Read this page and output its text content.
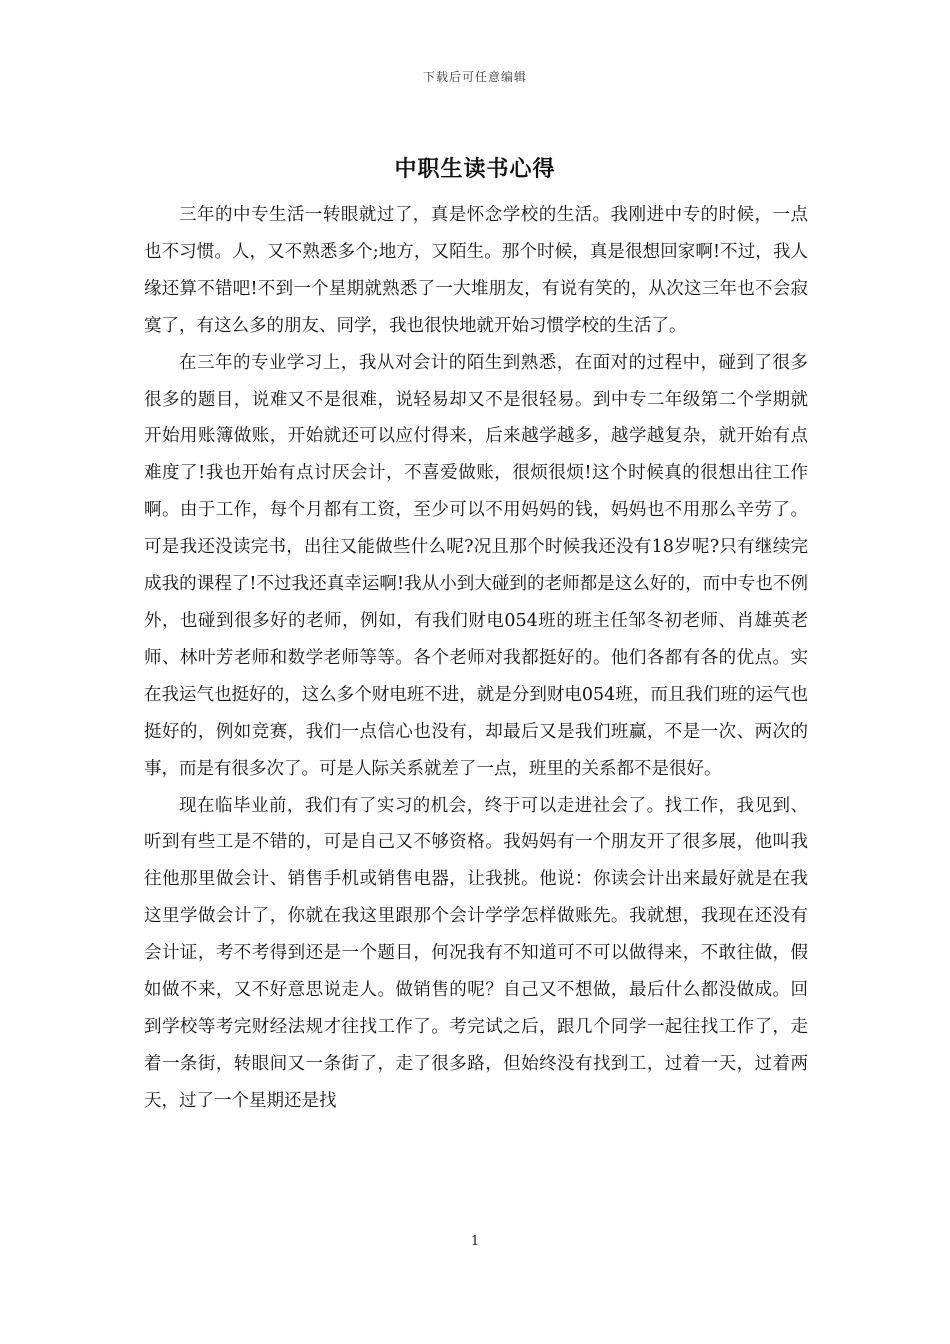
下载后可任意编辑
中职生读书心得

三年的中专生活一转眼就过了，真是怀念学校的生活。我刚进中专的时候，一点也不习惯。人，又不熟悉多个;地方，又陌生。那个时候，真是很想回家啊!不过，我人缘还算不错吧!不到一个星期就熟悉了一大堆朋友，有说有笑的，从次这三年也不会寂寞了，有这么多的朋友、同学，我也很快地就开始习惯学校的生活了。

在三年的专业学习上，我从对会计的陌生到熟悉，在面对的过程中，碰到了很多很多的题目，说难又不是很难，说轻易却又不是很轻易。到中专二年级第二个学期就开始用账簿做账，开始就还可以应付得来，后来越学越多，越学越复杂，就开始有点难度了!我也开始有点讨厌会计，不喜爱做账，很烦很烦!这个时候真的很想出往工作啊。由于工作，每个月都有工资，至少可以不用妈妈的钱，妈妈也不用那么辛劳了。可是我还没读完书，出往又能做些什么呢?况且那个时候我还没有18岁呢?只有继续完成我的课程了!不过我还真幸运啊!我从小到大碰到的老师都是这么好的，而中专也不例外，也碰到很多好的老师，例如，有我们财电054班的班主任邹冬初老师、肖雄英老师、林叶芳老师和数学老师等等。各个老师对我都挺好的。他们各都有各的优点。实在我运气也挺好的，这么多个财电班不进，就是分到财电054班，而且我们班的运气也挺好的，例如竞赛，我们一点信心也没有，却最后又是我们班赢，不是一次、两次的事，而是有很多次了。可是人际关系就差了一点，班里的关系都不是很好。

现在临毕业前，我们有了实习的机会，终于可以走进社会了。找工作，我见到、听到有些工是不错的，可是自己又不够资格。我妈妈有一个朋友开了很多展，他叫我往他那里做会计、销售手机或销售电器，让我挑。他说：你读会计出来最好就是在我这里学做会计了，你就在我这里跟那个会计学学怎样做账先。我就想，我现在还没有会计证，考不考得到还是一个题目，何况我有不知道可不可以做得来，不敢往做，假如做不来，又不好意思说走人。做销售的呢？自己又不想做，最后什么都没做成。回到学校等考完财经法规才往找工作了。考完试之后，跟几个同学一起往找工作了，走着一条街，转眼间又一条街了，走了很多路，但始终没有找到工，过着一天，过着两天，过了一个星期还是找

1
